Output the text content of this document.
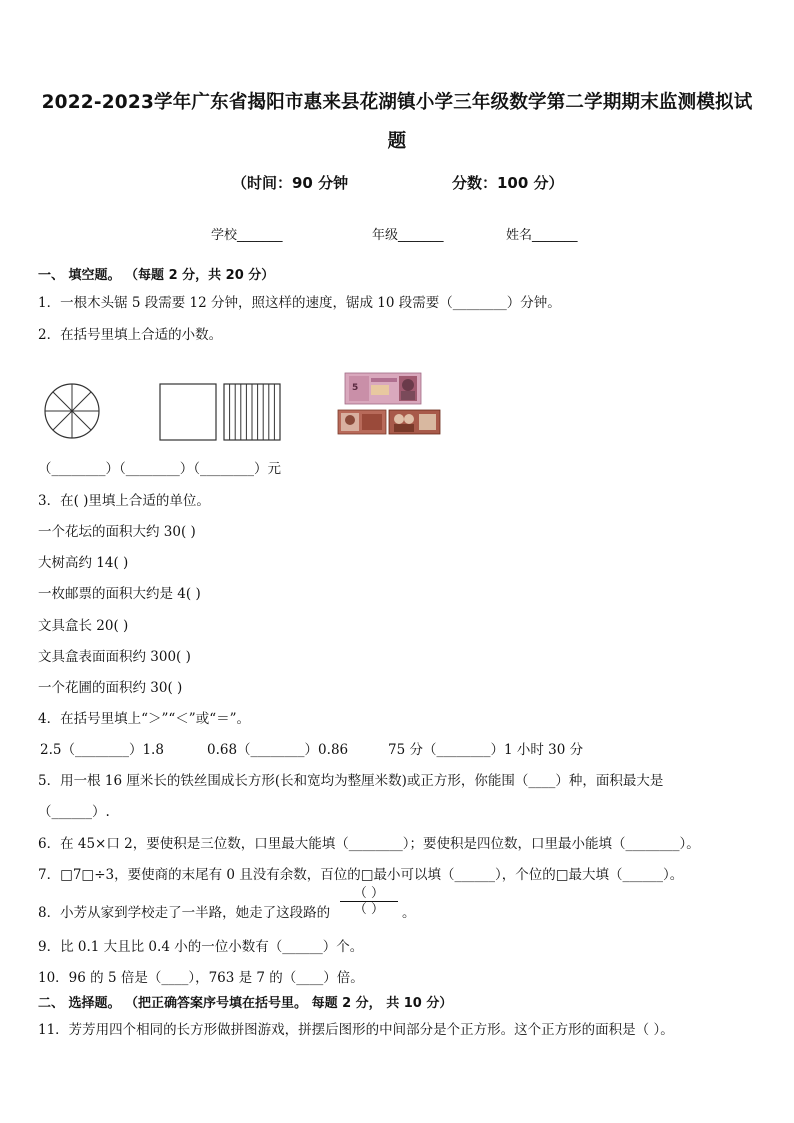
2022-2023学年广东省揭阳市惠来县花湖镇小学三年级数学第二学期期末监测模拟试
题
（时间：90 分钟	分数：100 分）
学校_______	年级_______	姓名_______
一、 填空题。 （每题 2 分，共 20 分）
1．一根木头锯 5 段需要 12 分钟，照这样的速度，锯成 10 段需要（________）分钟。
2．在括号里填上合适的小数。
5
（________）（________）（________）元
3．在( )里填上合适的单位。
一个花坛的面积大约 30( )
大树高约 14( )
一枚邮票的面积大约是 4( )
文具盒长 20( )
文具盒表面面积约 300( )
一个花圃的面积约 30( )
4．在括号里填上“＞”“＜”或“＝”。
2.5（________）1.8	0.68（________）0.86	75 分（________）1 小时 30 分
5．用一根 16 厘米长的铁丝围成长方形(长和宽均为整厘米数)或正方形，你能围（____）种，面积最大是
（______）.
6．在 45×口 2，要使积是三位数，口里最大能填（________）；要使积是四位数，口里最小能填（________）。
7．□7□÷3，要使商的末尾有 0 且没有余数，百位的□最小可以填（______），个位的□最大填（______）。
8．小芳从家到学校走了一半路，她走了这段路的
（ ）
（ ） 。
9．比 0.1 大且比 0.4 小的一位小数有（______）个。
10．96 的 5 倍是（____），763 是 7 的（____）倍。
二、 选择题。 （把正确答案序号填在括号里。 每题 2 分， 共 10 分）
11．芳芳用四个相同的长方形做拼图游戏，拼摆后图形的中间部分是个正方形。这个正方形的面积是（ ）。
